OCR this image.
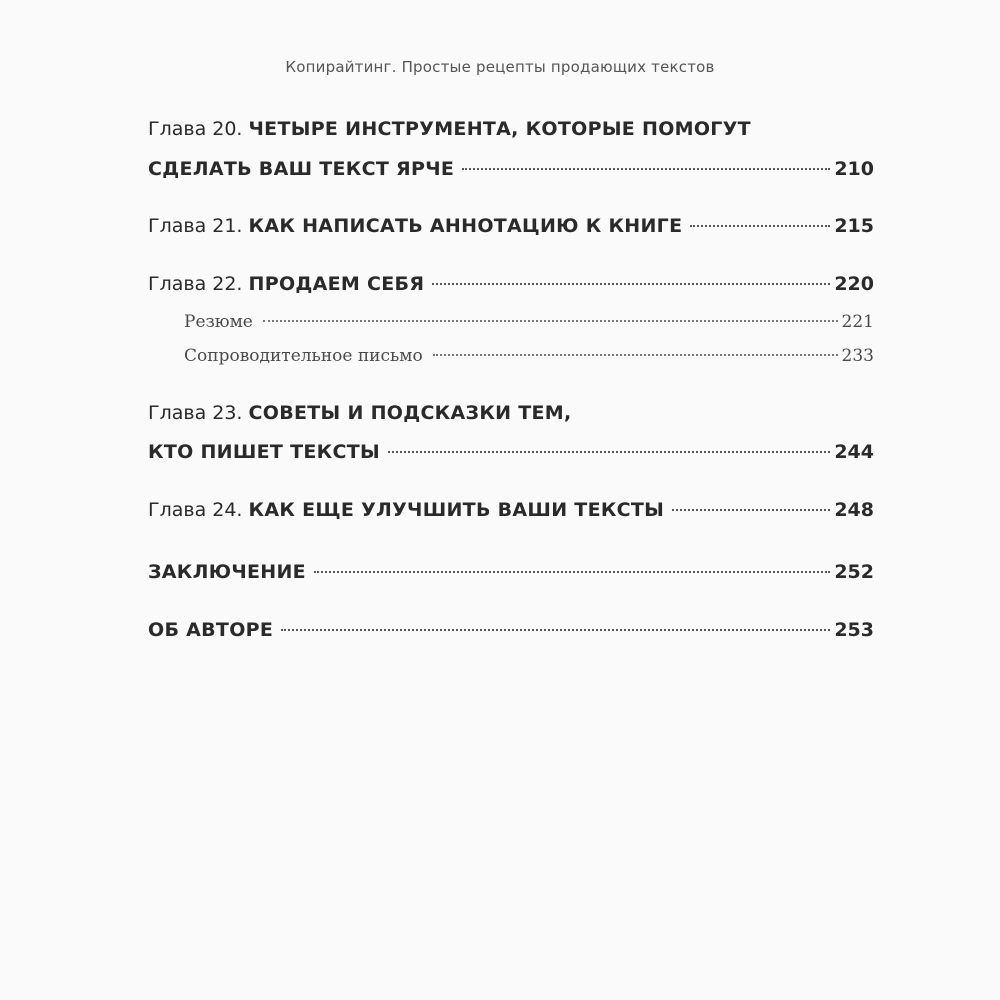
Копирайтинг. Простые рецепты продающих текстов
Глава 20.
ЧЕТЫРЕ ИНСТРУМЕНТА, КОТОРЫЕ ПОМОГУТ
СДЕЛАТЬ ВАШ ТЕКСТ ЯРЧЕ	210
Глава 21.
КАК НАПИСАТЬ АННОТАЦИЮ К КНИГЕ	215
Глава 22.
ПРОДАЕМ СЕБЯ	220
Резюме	221
Сопроводительное письмо	233
Глава 23.
СОВЕТЫ И ПОДСКАЗКИ ТЕМ,
КТО ПИШЕТ ТЕКСТЫ	244
Глава 24.
КАК ЕЩЕ УЛУЧШИТЬ ВАШИ ТЕКСТЫ	248
ЗАКЛЮЧЕНИЕ	252
ОБ АВТОРЕ	253
